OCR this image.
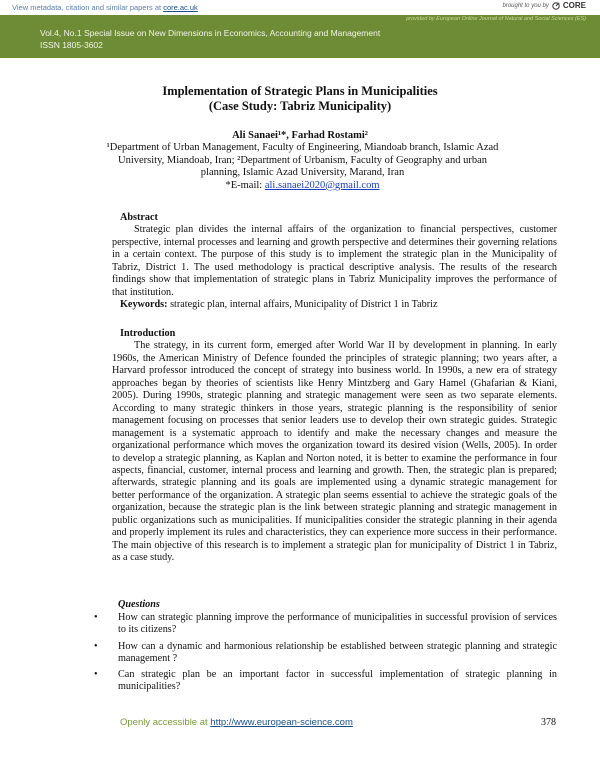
View metadata, citation and similar papers at core.ac.uk	brought to you by CORE
provided by European Online Journal of Natural and Social Sciences (ES)
Vol.4, No.1 Special Issue on New Dimensions in Economics, Accounting and Management
ISSN 1805-3602
Implementation of Strategic Plans in Municipalities
(Case Study: Tabriz Municipality)
Ali Sanaei¹*, Farhad Rostami²
¹Department of Urban Management, Faculty of Engineering, Miandoab branch, Islamic Azad University, Miandoab, Iran; ²Department of Urbanism, Faculty of Geography and urban planning, Islamic Azad University, Marand, Iran
*E-mail: ali.sanaei2020@gmail.com
Abstract
Strategic plan divides the internal affairs of the organization to financial perspectives, customer perspective, internal processes and learning and growth perspective and determines their governing relations in a certain context. The purpose of this study is to implement the strategic plan in the Municipality of Tabriz, District 1. The used methodology is practical descriptive analysis. The results of the research findings show that implementation of strategic plans in Tabriz Municipality improves the performance of that institution.
Keywords: strategic plan, internal affairs, Municipality of District 1 in Tabriz
Introduction
The strategy, in its current form, emerged after World War II by development in planning. In early 1960s, the American Ministry of Defence founded the principles of strategic planning; two years after, a Harvard professor introduced the concept of strategy into business world. In 1990s, a new era of strategy approaches began by theories of scientists like Henry Mintzberg and Gary Hamel (Ghafarian & Kiani, 2005). During 1990s, strategic planning and strategic management were seen as two separate elements. According to many strategic thinkers in those years, strategic planning is the responsibility of senior management focusing on processes that senior leaders use to develop their own strategic guides. Strategic management is a systematic approach to identify and make the necessary changes and measure the organizational performance which moves the organization toward its desired vision (Wells, 2005). In order to develop a strategic planning, as Kaplan and Norton noted, it is better to examine the performance in four aspects, financial, customer, internal process and learning and growth. Then, the strategic plan is prepared; afterwards, strategic planning and its goals are implemented using a dynamic strategic management for better performance of the organization. A strategic plan seems essential to achieve the strategic goals of the organization, because the strategic plan is the link between strategic planning and strategic management in public organizations such as municipalities. If municipalities consider the strategic planning in their agenda and properly implement its rules and characteristics, they can experience more success in their performance. The main objective of this research is to implement a strategic plan for municipality of District 1 in Tabriz, as a case study.
Questions
• How can strategic planning improve the performance of municipalities in successful provision of services to its citizens?
• How can a dynamic and harmonious relationship be established between strategic planning and strategic management ?
• Can strategic plan be an important factor in successful implementation of strategic planning in municipalities?
Openly accessible at http://www.european-science.com	378
